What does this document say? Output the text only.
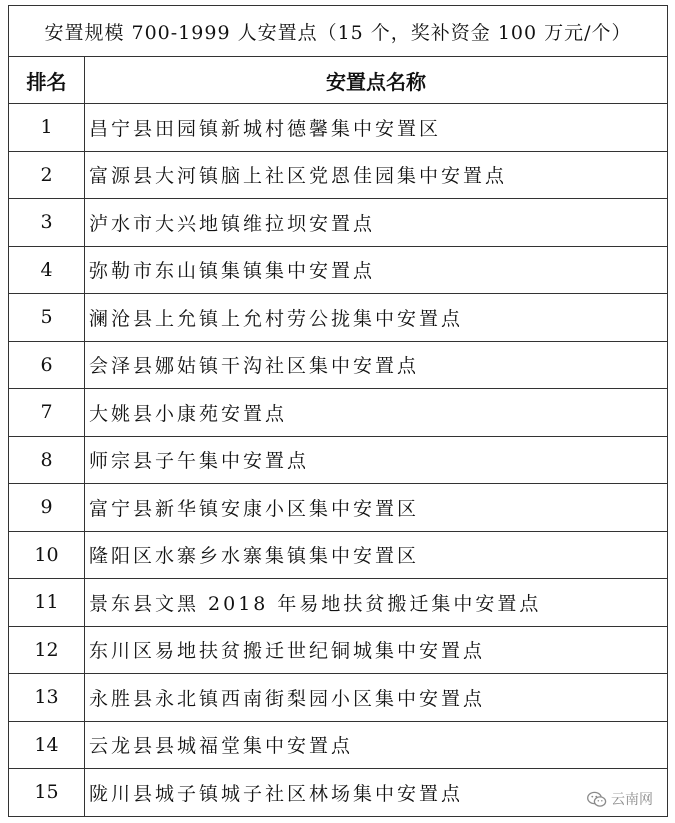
安置规模 700-1999 人安置点（15 个，奖补资金 100 万元/个）	
排名	安置点名称
1	昌宁县田园镇新城村德馨集中安置区
2	富源县大河镇脑上社区党恩佳园集中安置点
3	泸水市大兴地镇维拉坝安置点
4	弥勒市东山镇集镇集中安置点
5	澜沧县上允镇上允村劳公拢集中安置点
6	会泽县娜姑镇干沟社区集中安置点
7	大姚县小康苑安置点
8	师宗县子午集中安置点
9	富宁县新华镇安康小区集中安置区
10	隆阳区水寨乡水寨集镇集中安置区
11	景东县文黑 2018 年易地扶贫搬迁集中安置点
12	东川区易地扶贫搬迁世纪铜城集中安置点
13	永胜县永北镇西南街梨园小区集中安置点
14	云龙县县城福堂集中安置点
15	陇川县城子镇城子社区林场集中安置点	云南网
